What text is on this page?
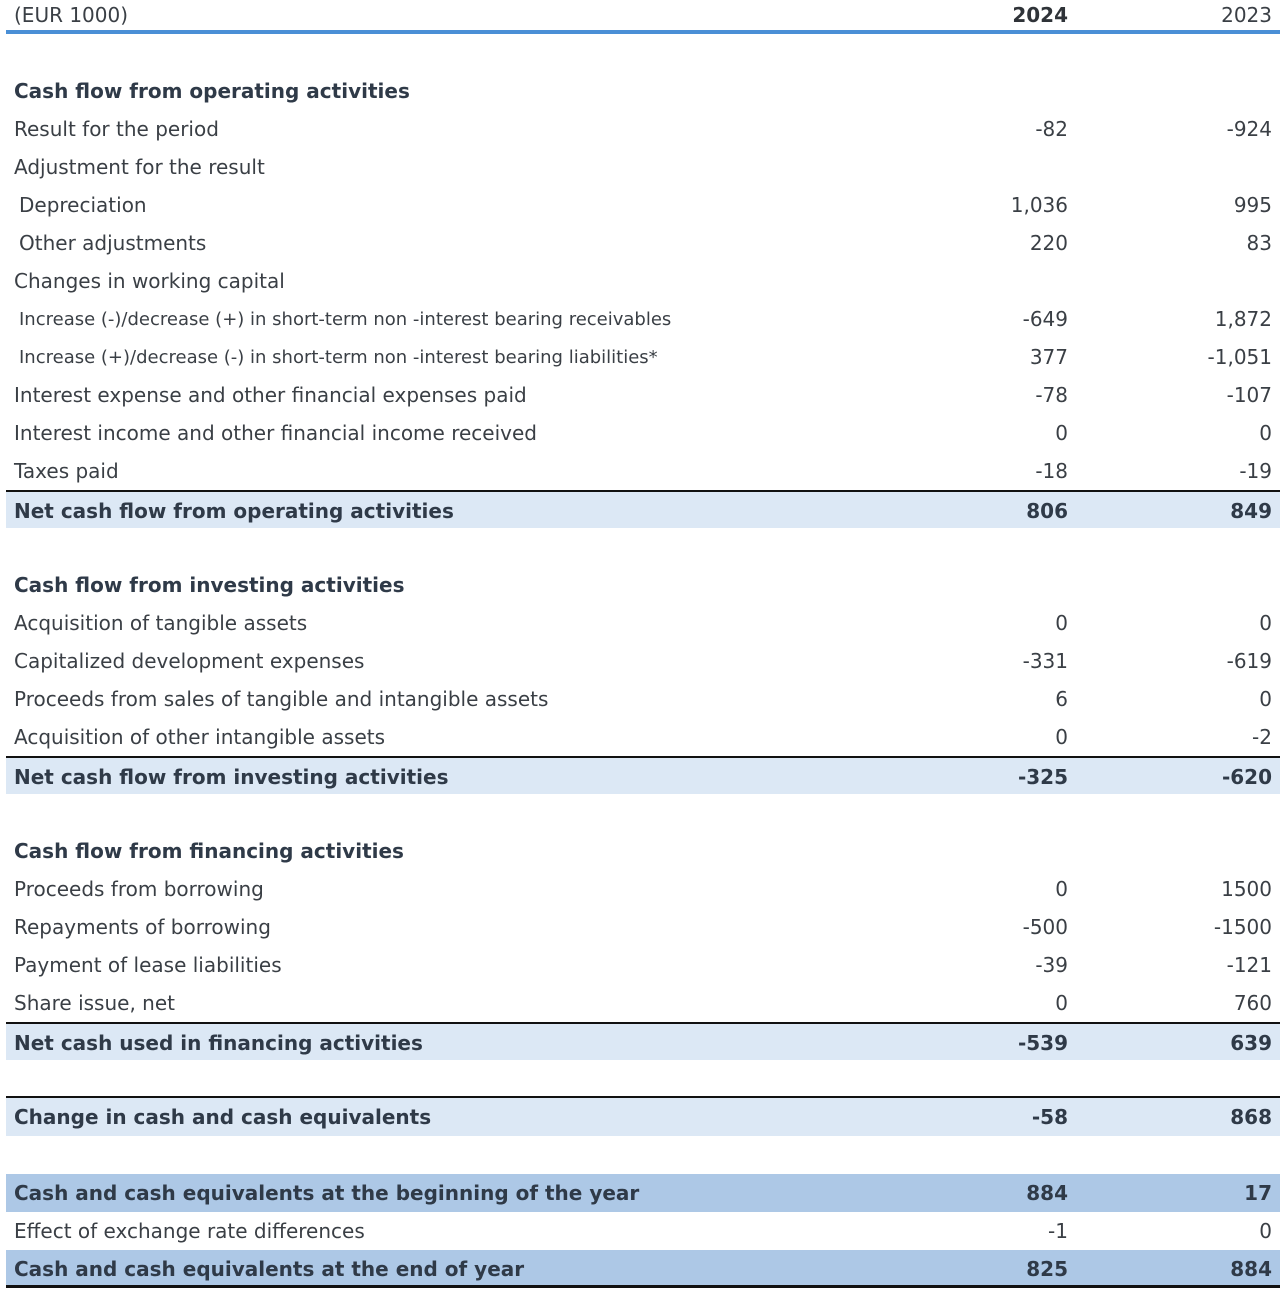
(EUR 1000)	2024	2023
Cash flow from operating activities
Result for the period	-82	-924
Adjustment for the result
Depreciation	1,036	995
Other adjustments	220	83
Changes in working capital
Increase (-)/decrease (+) in short-term non -interest bearing receivables	-649	1,872
Increase (+)/decrease (-) in short-term non -interest bearing liabilities*	377	-1,051
Interest expense and other financial expenses paid	-78	-107
Interest income and other financial income received	0	0
Taxes paid	-18	-19
Net cash flow from operating activities	806	849
Cash flow from investing activities
Acquisition of tangible assets	0	0
Capitalized development expenses	-331	-619
Proceeds from sales of tangible and intangible assets	6	0
Acquisition of other intangible assets	0	-2
Net cash flow from investing activities	-325	-620
Cash flow from financing activities
Proceeds from borrowing	0	1500
Repayments of borrowing	-500	-1500
Payment of lease liabilities	-39	-121
Share issue, net	0	760
Net cash used in financing activities	-539	639
Change in cash and cash equivalents	-58	868
Cash and cash equivalents at the beginning of the year	884	17
Effect of exchange rate differences	-1	0
Cash and cash equivalents at the end of year	825	884
